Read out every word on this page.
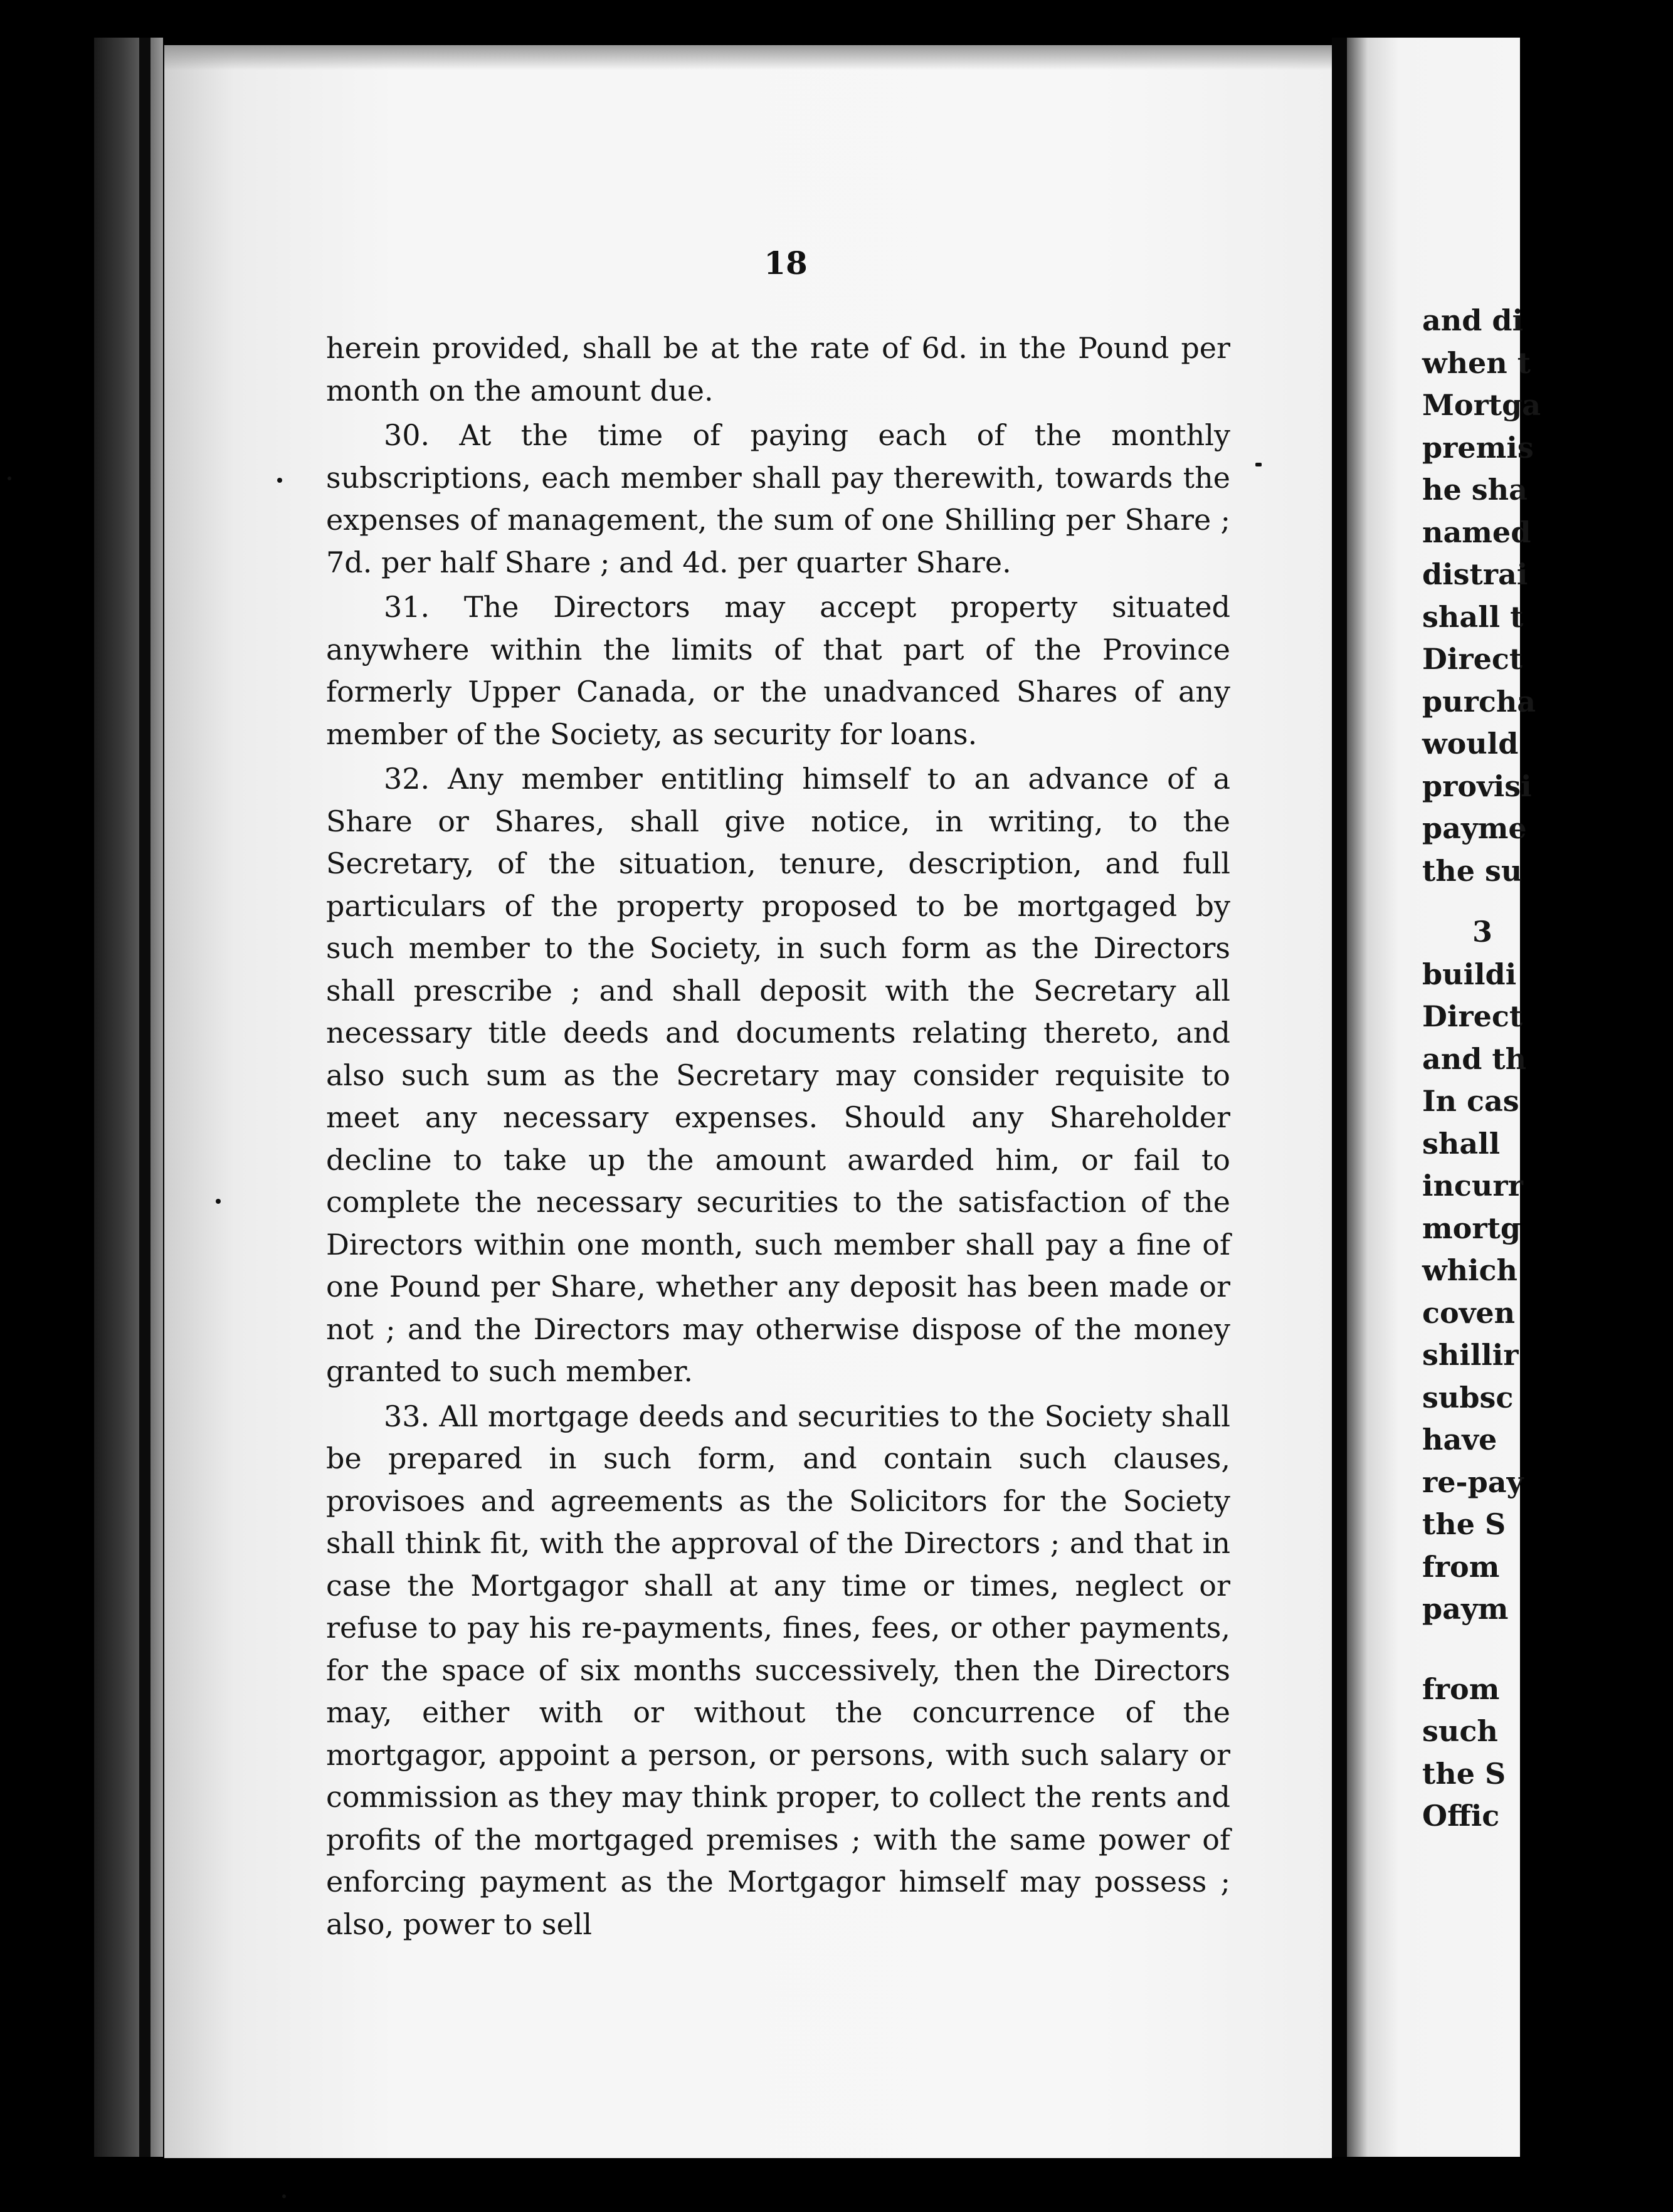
18

herein provided, shall be at the rate of 6d. in the Pound per month on the amount due.

30. At the time of paying each of the monthly subscriptions, each member shall pay therewith, towards the expenses of management, the sum of one Shilling per Share ; 7d. per half Share ; and 4d. per quarter Share.

31. The Directors may accept property situated anywhere within the limits of that part of the Province formerly Upper Canada, or the unadvanced Shares of any member of the Society, as security for loans.

32. Any member entitling himself to an advance of a Share or Shares, shall give notice, in writing, to the Secretary, of the situation, tenure, description, and full particulars of the property proposed to be mortgaged by such member to the Society, in such form as the Directors shall prescribe ; and shall deposit with the Secretary all necessary title deeds and documents relating thereto, and also such sum as the Secretary may consider requisite to meet any necessary expenses. Should any Shareholder decline to take up the amount awarded him, or fail to complete the necessary securities to the satisfaction of the Directors within one month, such member shall pay a fine of one Pound per Share, whether any deposit has been made or not ; and the Directors may otherwise dispose of the money granted to such member.

33. All mortgage deeds and securities to the Society shall be prepared in such form, and contain such clauses, provisoes and agreements as the Solicitors for the Society shall think fit, with the approval of the Directors ; and that in case the Mortgagor shall at any time or times, neglect or refuse to pay his re-payments, fines, fees, or other payments, for the space of six months successively, then the Directors may, either with or without the concurrence of the mortgagor, appoint a person, or persons, with such salary or commission as they may think proper, to collect the rents and profits of the mortgaged premises ; with the same power of enforcing payment as the Mortgagor himself may possess ; also, power to sell

and di
when t
Mortga
premis
he sha
named
distrai
shall t
Direct
purcha
would
provisi
payme
the su
3
buildi
Direct
and th
In cas
shall
incurr
mortg
which
coven
shillir
subsc
have
re-pay
the S
from
paym
from
such
the S
Offic
